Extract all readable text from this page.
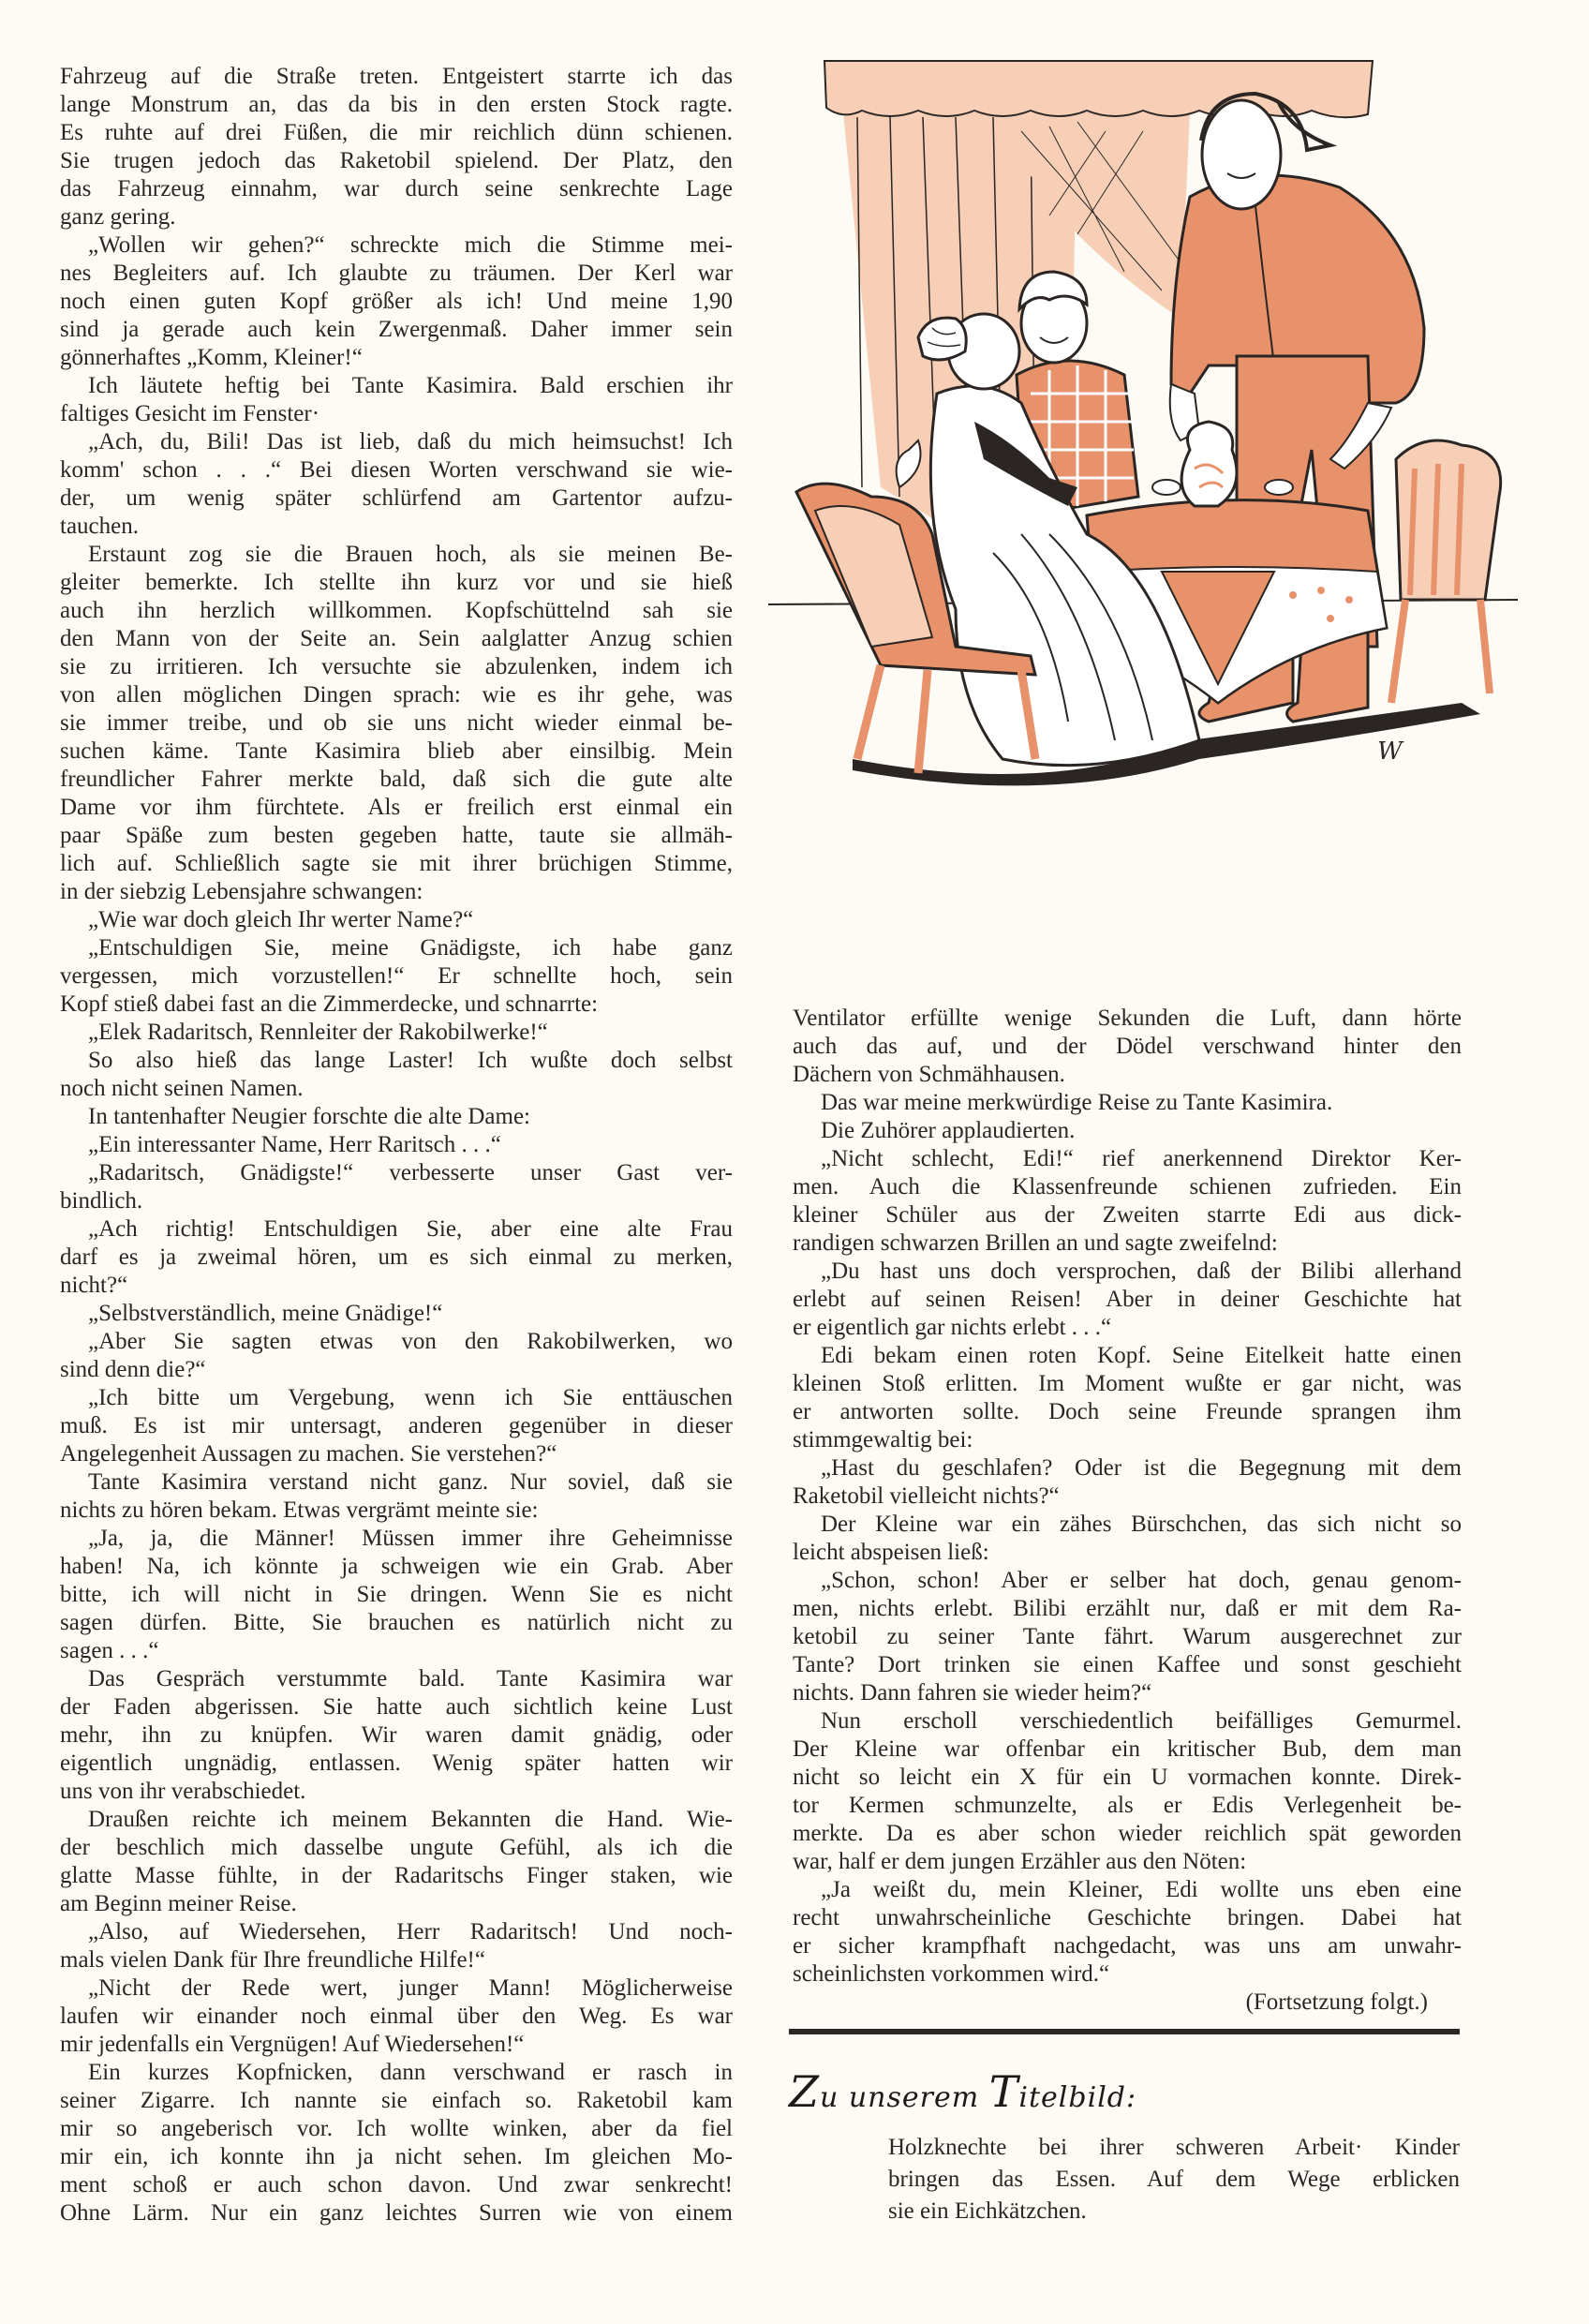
W
Fahrzeug auf die Straße treten. Entgeistert starrte ich das
lange Monstrum an, das da bis in den ersten Stock ragte.
Es ruhte auf drei Füßen, die mir reichlich dünn schienen.
Sie trugen jedoch das Raketobil spielend. Der Platz, den
das Fahrzeug einnahm, war durch seine senkrechte Lage
ganz gering.
„Wollen wir gehen?“ schreckte mich die Stimme mei-
nes Begleiters auf. Ich glaubte zu träumen. Der Kerl war
noch einen guten Kopf größer als ich! Und meine 1,90
sind ja gerade auch kein Zwergenmaß. Daher immer sein
gönnerhaftes „Komm, Kleiner!“
Ich läutete heftig bei Tante Kasimira. Bald erschien ihr
faltiges Gesicht im Fenster·
„Ach, du, Bili! Das ist lieb, daß du mich heimsuchst! Ich
komm' schon . . .“ Bei diesen Worten verschwand sie wie-
der, um wenig später schlürfend am Gartentor aufzu-
tauchen.
Erstaunt zog sie die Brauen hoch, als sie meinen Be-
gleiter bemerkte. Ich stellte ihn kurz vor und sie hieß
auch ihn herzlich willkommen. Kopfschüttelnd sah sie
den Mann von der Seite an. Sein aalglatter Anzug schien
sie zu irritieren. Ich versuchte sie abzulenken, indem ich
von allen möglichen Dingen sprach: wie es ihr gehe, was
sie immer treibe, und ob sie uns nicht wieder einmal be-
suchen käme. Tante Kasimira blieb aber einsilbig. Mein
freundlicher Fahrer merkte bald, daß sich die gute alte
Dame vor ihm fürchtete. Als er freilich erst einmal ein
paar Späße zum besten gegeben hatte, taute sie allmäh-
lich auf. Schließlich sagte sie mit ihrer brüchigen Stimme,
in der siebzig Lebensjahre schwangen:
„Wie war doch gleich Ihr werter Name?“
„Entschuldigen Sie, meine Gnädigste, ich habe ganz
vergessen, mich vorzustellen!“ Er schnellte hoch, sein
Kopf stieß dabei fast an die Zimmerdecke, und schnarrte:
„Elek Radaritsch, Rennleiter der Rakobilwerke!“
So also hieß das lange Laster! Ich wußte doch selbst
noch nicht seinen Namen.
In tantenhafter Neugier forschte die alte Dame:
„Ein interessanter Name, Herr Raritsch . . .“
„Radaritsch, Gnädigste!“ verbesserte unser Gast ver-
bindlich.
„Ach richtig! Entschuldigen Sie, aber eine alte Frau
darf es ja zweimal hören, um es sich einmal zu merken,
nicht?“
„Selbstverständlich, meine Gnädige!“
„Aber Sie sagten etwas von den Rakobilwerken, wo
sind denn die?“
„Ich bitte um Vergebung, wenn ich Sie enttäuschen
muß. Es ist mir untersagt, anderen gegenüber in dieser
Angelegenheit Aussagen zu machen. Sie verstehen?“
Tante Kasimira verstand nicht ganz. Nur soviel, daß sie
nichts zu hören bekam. Etwas vergrämt meinte sie:
„Ja, ja, die Männer! Müssen immer ihre Geheimnisse
haben! Na, ich könnte ja schweigen wie ein Grab. Aber
bitte, ich will nicht in Sie dringen. Wenn Sie es nicht
sagen dürfen. Bitte, Sie brauchen es natürlich nicht zu
sagen . . .“
Das Gespräch verstummte bald. Tante Kasimira war
der Faden abgerissen. Sie hatte auch sichtlich keine Lust
mehr, ihn zu knüpfen. Wir waren damit gnädig, oder
eigentlich ungnädig, entlassen. Wenig später hatten wir
uns von ihr verabschiedet.
Draußen reichte ich meinem Bekannten die Hand. Wie-
der beschlich mich dasselbe ungute Gefühl, als ich die
glatte Masse fühlte, in der Radaritschs Finger staken, wie
am Beginn meiner Reise.
„Also, auf Wiedersehen, Herr Radaritsch! Und noch-
mals vielen Dank für Ihre freundliche Hilfe!“
„Nicht der Rede wert, junger Mann! Möglicherweise
laufen wir einander noch einmal über den Weg. Es war
mir jedenfalls ein Vergnügen! Auf Wiedersehen!“
Ein kurzes Kopfnicken, dann verschwand er rasch in
seiner Zigarre. Ich nannte sie einfach so. Raketobil kam
mir so angeberisch vor. Ich wollte winken, aber da fiel
mir ein, ich konnte ihn ja nicht sehen. Im gleichen Mo-
ment schoß er auch schon davon. Und zwar senkrecht!
Ohne Lärm. Nur ein ganz leichtes Surren wie von einem
Ventilator erfüllte wenige Sekunden die Luft, dann hörte
auch das auf, und der Dödel verschwand hinter den
Dächern von Schmähhausen.
Das war meine merkwürdige Reise zu Tante Kasimira.
Die Zuhörer applaudierten.
„Nicht schlecht, Edi!“ rief anerkennend Direktor Ker-
men. Auch die Klassenfreunde schienen zufrieden. Ein
kleiner Schüler aus der Zweiten starrte Edi aus dick-
randigen schwarzen Brillen an und sagte zweifelnd:
„Du hast uns doch versprochen, daß der Bilibi allerhand
erlebt auf seinen Reisen! Aber in deiner Geschichte hat
er eigentlich gar nichts erlebt . . .“
Edi bekam einen roten Kopf. Seine Eitelkeit hatte einen
kleinen Stoß erlitten. Im Moment wußte er gar nicht, was
er antworten sollte. Doch seine Freunde sprangen ihm
stimmgewaltig bei:
„Hast du geschlafen? Oder ist die Begegnung mit dem
Raketobil vielleicht nichts?“
Der Kleine war ein zähes Bürschchen, das sich nicht so
leicht abspeisen ließ:
„Schon, schon! Aber er selber hat doch, genau genom-
men, nichts erlebt. Bilibi erzählt nur, daß er mit dem Ra-
ketobil zu seiner Tante fährt. Warum ausgerechnet zur
Tante? Dort trinken sie einen Kaffee und sonst geschieht
nichts. Dann fahren sie wieder heim?“
Nun erscholl verschiedentlich beifälliges Gemurmel.
Der Kleine war offenbar ein kritischer Bub, dem man
nicht so leicht ein X für ein U vormachen konnte. Direk-
tor Kermen schmunzelte, als er Edis Verlegenheit be-
merkte. Da es aber schon wieder reichlich spät geworden
war, half er dem jungen Erzähler aus den Nöten:
„Ja weißt du, mein Kleiner, Edi wollte uns eben eine
recht unwahrscheinliche Geschichte bringen. Dabei hat
er sicher krampfhaft nachgedacht, was uns am unwahr-
scheinlichsten vorkommen wird.“
(Fortsetzung folgt.)
Zu unserem Titelbild:
Holzknechte bei ihrer schweren Arbeit· Kinder
bringen das Essen. Auf dem Wege erblicken
sie ein Eichkätzchen.
